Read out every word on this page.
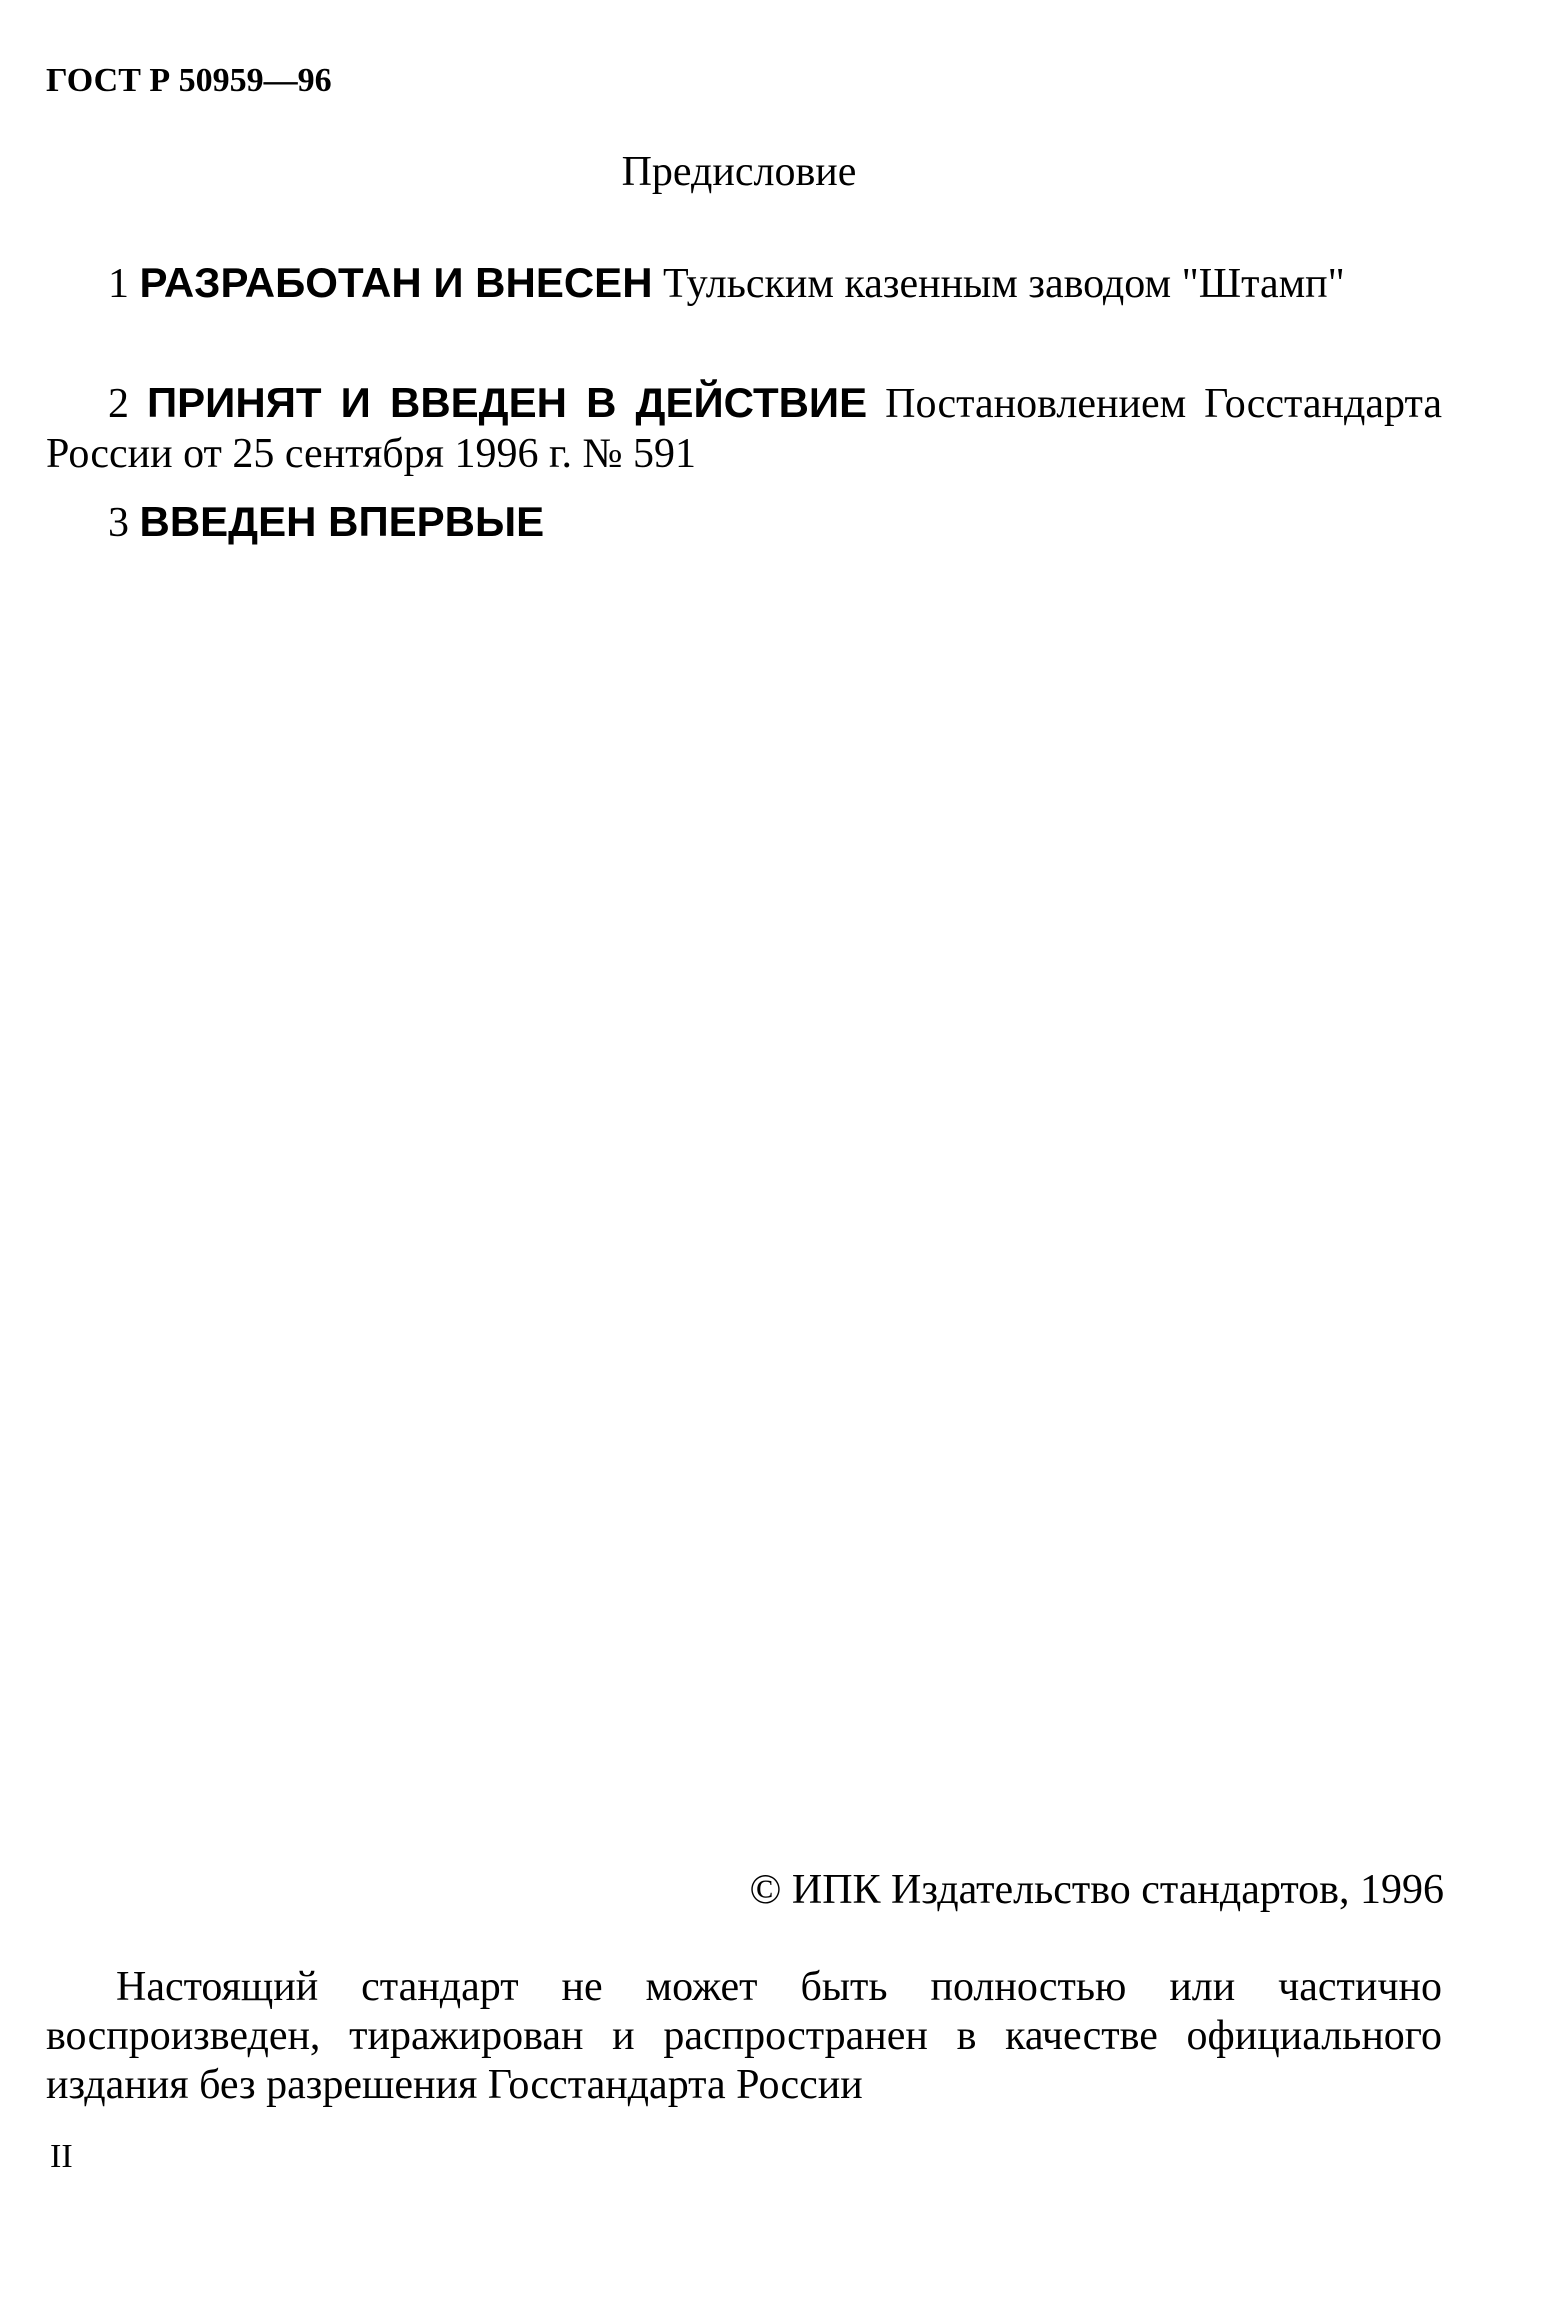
ГОСТ Р 50959—96
Предисловие

1 РАЗРАБОТАН И ВНЕСЕН Тульским казенным заводом "Штамп"

2 ПРИНЯТ И ВВЕДЕН В ДЕЙСТВИЕ Постановлением Госстандарта России от 25 сентября 1996 г. № 591

3 ВВЕДЕН ВПЕРВЫЕ

© ИПК Издательство стандартов, 1996

Настоящий стандарт не может быть полностью или частично воспроизведен, тиражирован и распространен в качестве официального издания без разрешения Госстандарта России

II
